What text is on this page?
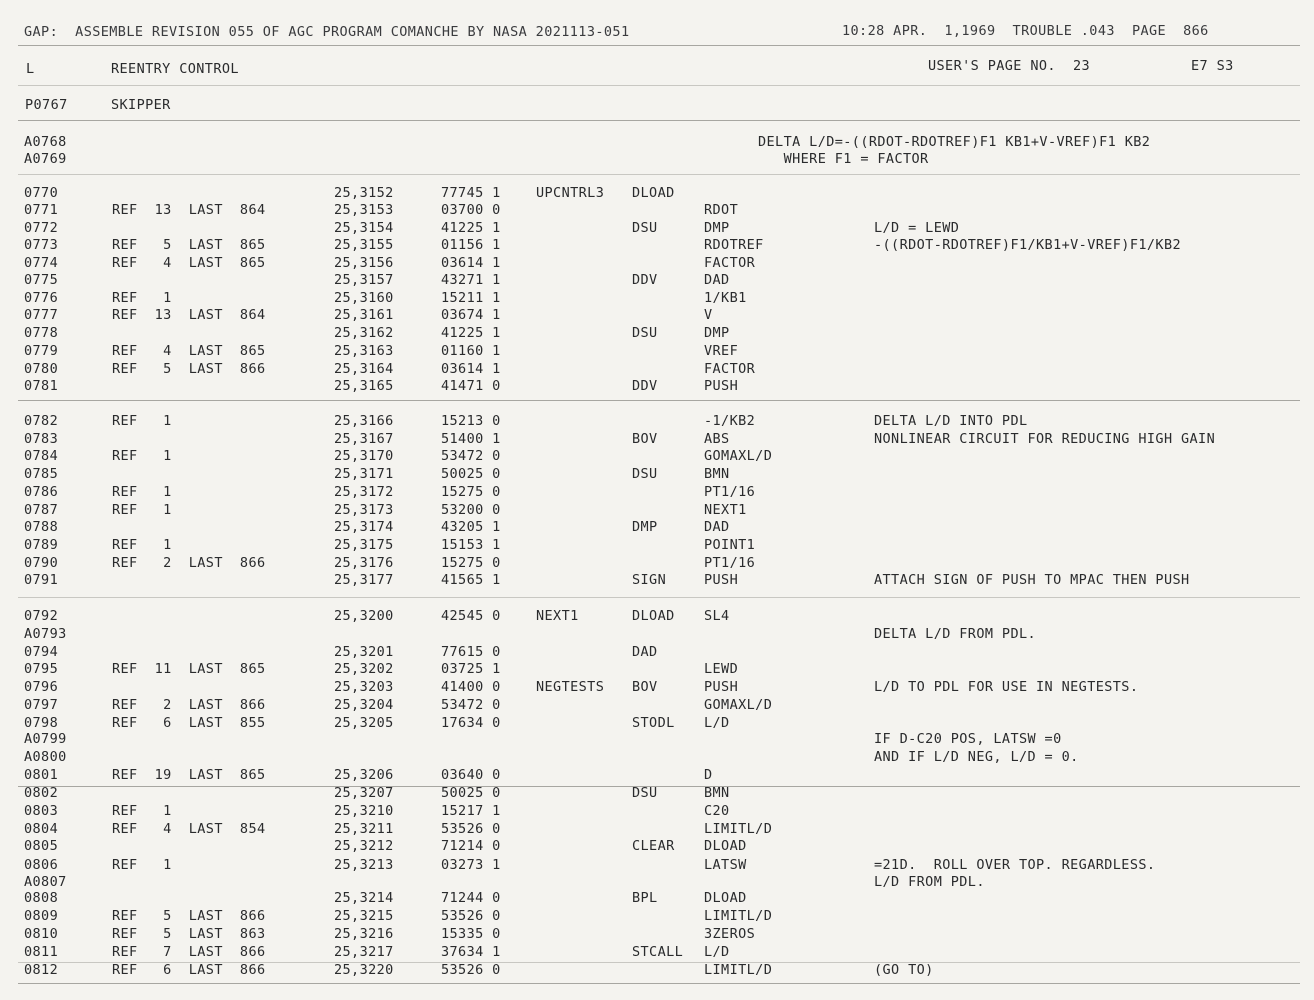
GAP:  ASSEMBLE REVISION 055 OF AGC PROGRAM COMANCHE BY NASA 2021113-051	10:28 APR.  1,1969  TROUBLE .043  PAGE  866
L	REENTRY CONTROL	USER'S PAGE NO.  23	E7 S3
P0767	SKIPPER
A0768	DELTA L/D=-((RDOT-RDOTREF)F1 KB1+V-VREF)F1 KB2
A0769	WHERE F1 = FACTOR
0770	25,3152	77745 1	UPCNTRL3 DLOAD
0771	REF  13  LAST  864	25,3153	03700 0	RDOT
0772	25,3154	41225 1	DSU	DMP	L/D = LEWD
0773	REF   5  LAST  865	25,3155	01156 1	RDOTREF	-((RDOT-RDOTREF)F1/KB1+V-VREF)F1/KB2
0774	REF   4  LAST  865	25,3156	03614 1	FACTOR
0775	25,3157	43271 1	DDV	DAD
0776	REF   1	25,3160	15211 1	1/KB1
0777	REF  13  LAST  864	25,3161	03674 1	V
0778	25,3162	41225 1	DSU	DMP
0779	REF   4  LAST  865	25,3163	01160 1	VREF
0780	REF   5  LAST  866	25,3164	03614 1	FACTOR
0781	25,3165	41471 0	DDV	PUSH
0782	REF   1	25,3166	15213 0	-1/KB2	DELTA L/D INTO PDL
0783	25,3167	51400 1	BOV	ABS	NONLINEAR CIRCUIT FOR REDUCING HIGH GAIN
0784	REF   1	25,3170	53472 0	GOMAXL/D
0785	25,3171	50025 0	DSU	BMN
0786	REF   1	25,3172	15275 0	PT1/16
0787	REF   1	25,3173	53200 0	NEXT1
0788	25,3174	43205 1	DMP	DAD
0789	REF   1	25,3175	15153 1	POINT1
0790	REF   2  LAST  866	25,3176	15275 0	PT1/16
0791	25,3177	41565 1	SIGN	PUSH	ATTACH SIGN OF PUSH TO MPAC THEN PUSH
0792	25,3200	42545 0	NEXT1	DLOAD SL4
A0793	DELTA L/D FROM PDL.
0794	25,3201	77615 0	DAD
0795	REF  11  LAST  865	25,3202	03725 1	LEWD
0796	25,3203	41400 0	NEGTESTS BOV	PUSH	L/D TO PDL FOR USE IN NEGTESTS.
0797	REF   2  LAST  866	25,3204	53472 0	GOMAXL/D
0798	REF   6  LAST  855	25,3205	17634 0	STODL L/D
A0799	IF D-C20 POS, LATSW =0
A0800	AND IF L/D NEG, L/D = 0.
0801	REF  19  LAST  865	25,3206	03640 0	D
0802	25,3207	50025 0	DSU	BMN
0803	REF   1	25,3210	15217 1	C20
0804	REF   4  LAST  854	25,3211	53526 0	LIMITL/D
0805	25,3212	71214 0	CLEAR DLOAD
0806	REF   1	25,3213	03273 1	LATSW	=21D.  ROLL OVER TOP. REGARDLESS.
A0807	L/D FROM PDL.
0808	25,3214	71244 0	BPL	DLOAD
0809	REF   5  LAST  866	25,3215	53526 0	LIMITL/D
0810	REF   5  LAST  863	25,3216	15335 0	3ZEROS
0811	REF   7  LAST  866	25,3217	37634 1	STCALL L/D
0812	REF   6  LAST  866	25,3220	53526 0	LIMITL/D	(GO TO)
